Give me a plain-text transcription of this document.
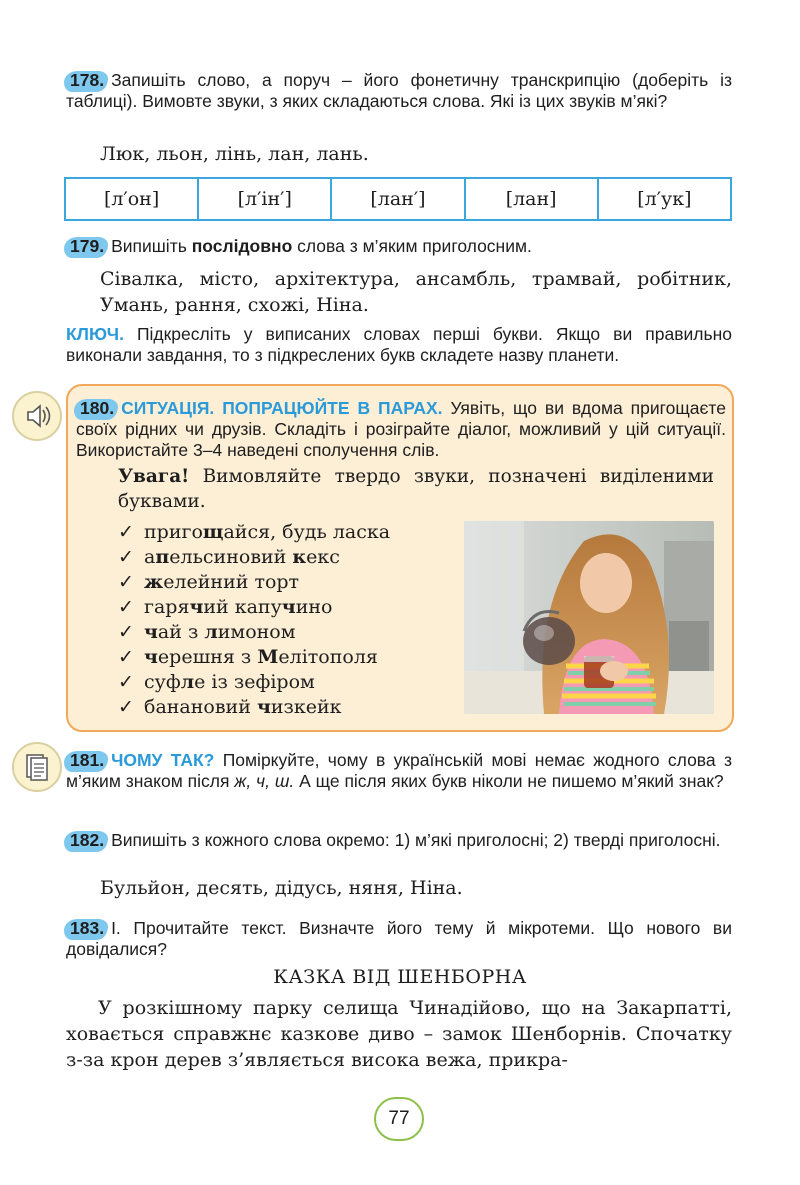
178. Запишіть слово, а поруч – його фонетичну транскрипцію (доберіть із таблиці). Вимовте звуки, з яких складаються слова. Які із цих звуків м’які?
Люк, льон, лінь, лан, лань.
[л′он]	[л′ін′]	[лан′]	[лан]	[л′ук]
179. Випишіть послідовно слова з м’яким приголосним.
Сівалка, місто, архітектура, ансамбль, трамвай, робітник, Умань, рання, схожі, Ніна.
КЛЮЧ. Підкресліть у виписаних словах перші букви. Якщо ви правильно виконали завдання, то з підкреслених букв складете назву планети.
180. СИТУАЦІЯ. ПОПРАЦЮЙТЕ В ПАРАХ. Уявіть, що ви вдома пригощаєте своїх рідних чи друзів. Складіть і розіграйте діалог, можливий у цій ситуації. Використайте 3–4 наведені сполучення слів.
Увага! Вимовляйте твердо звуки, позначені виділеними буквами.
✓ пригощайся, будь ласка
✓ апельсиновий кекс
✓ желейний торт
✓ гарячий капучино
✓ чай з лимоном
✓ черешня з Мелітополя
✓ суфле із зефіром
✓ банановий чизкейк
181. ЧОМУ ТАК? Поміркуйте, чому в українській мові немає жодного слова з м’яким знаком після ж, ч, ш. А ще після яких букв ніколи не пишемо м’який знак?
182. Випишіть з кожного слова окремо: 1) м’які приголосні; 2) тверді приголосні.
Бульйон, десять, дідусь, няня, Ніна.
183. І. Прочитайте текст. Визначте його тему й мікротеми. Що нового ви довідалися?
КАЗКА ВІД ШЕНБОРНА
У розкішному парку селища Чинадійово, що на Закарпатті, ховається справжнє казкове диво – замок Шенборнів. Спочатку з-за крон дерев з’являється висока вежа, прикра-
77
